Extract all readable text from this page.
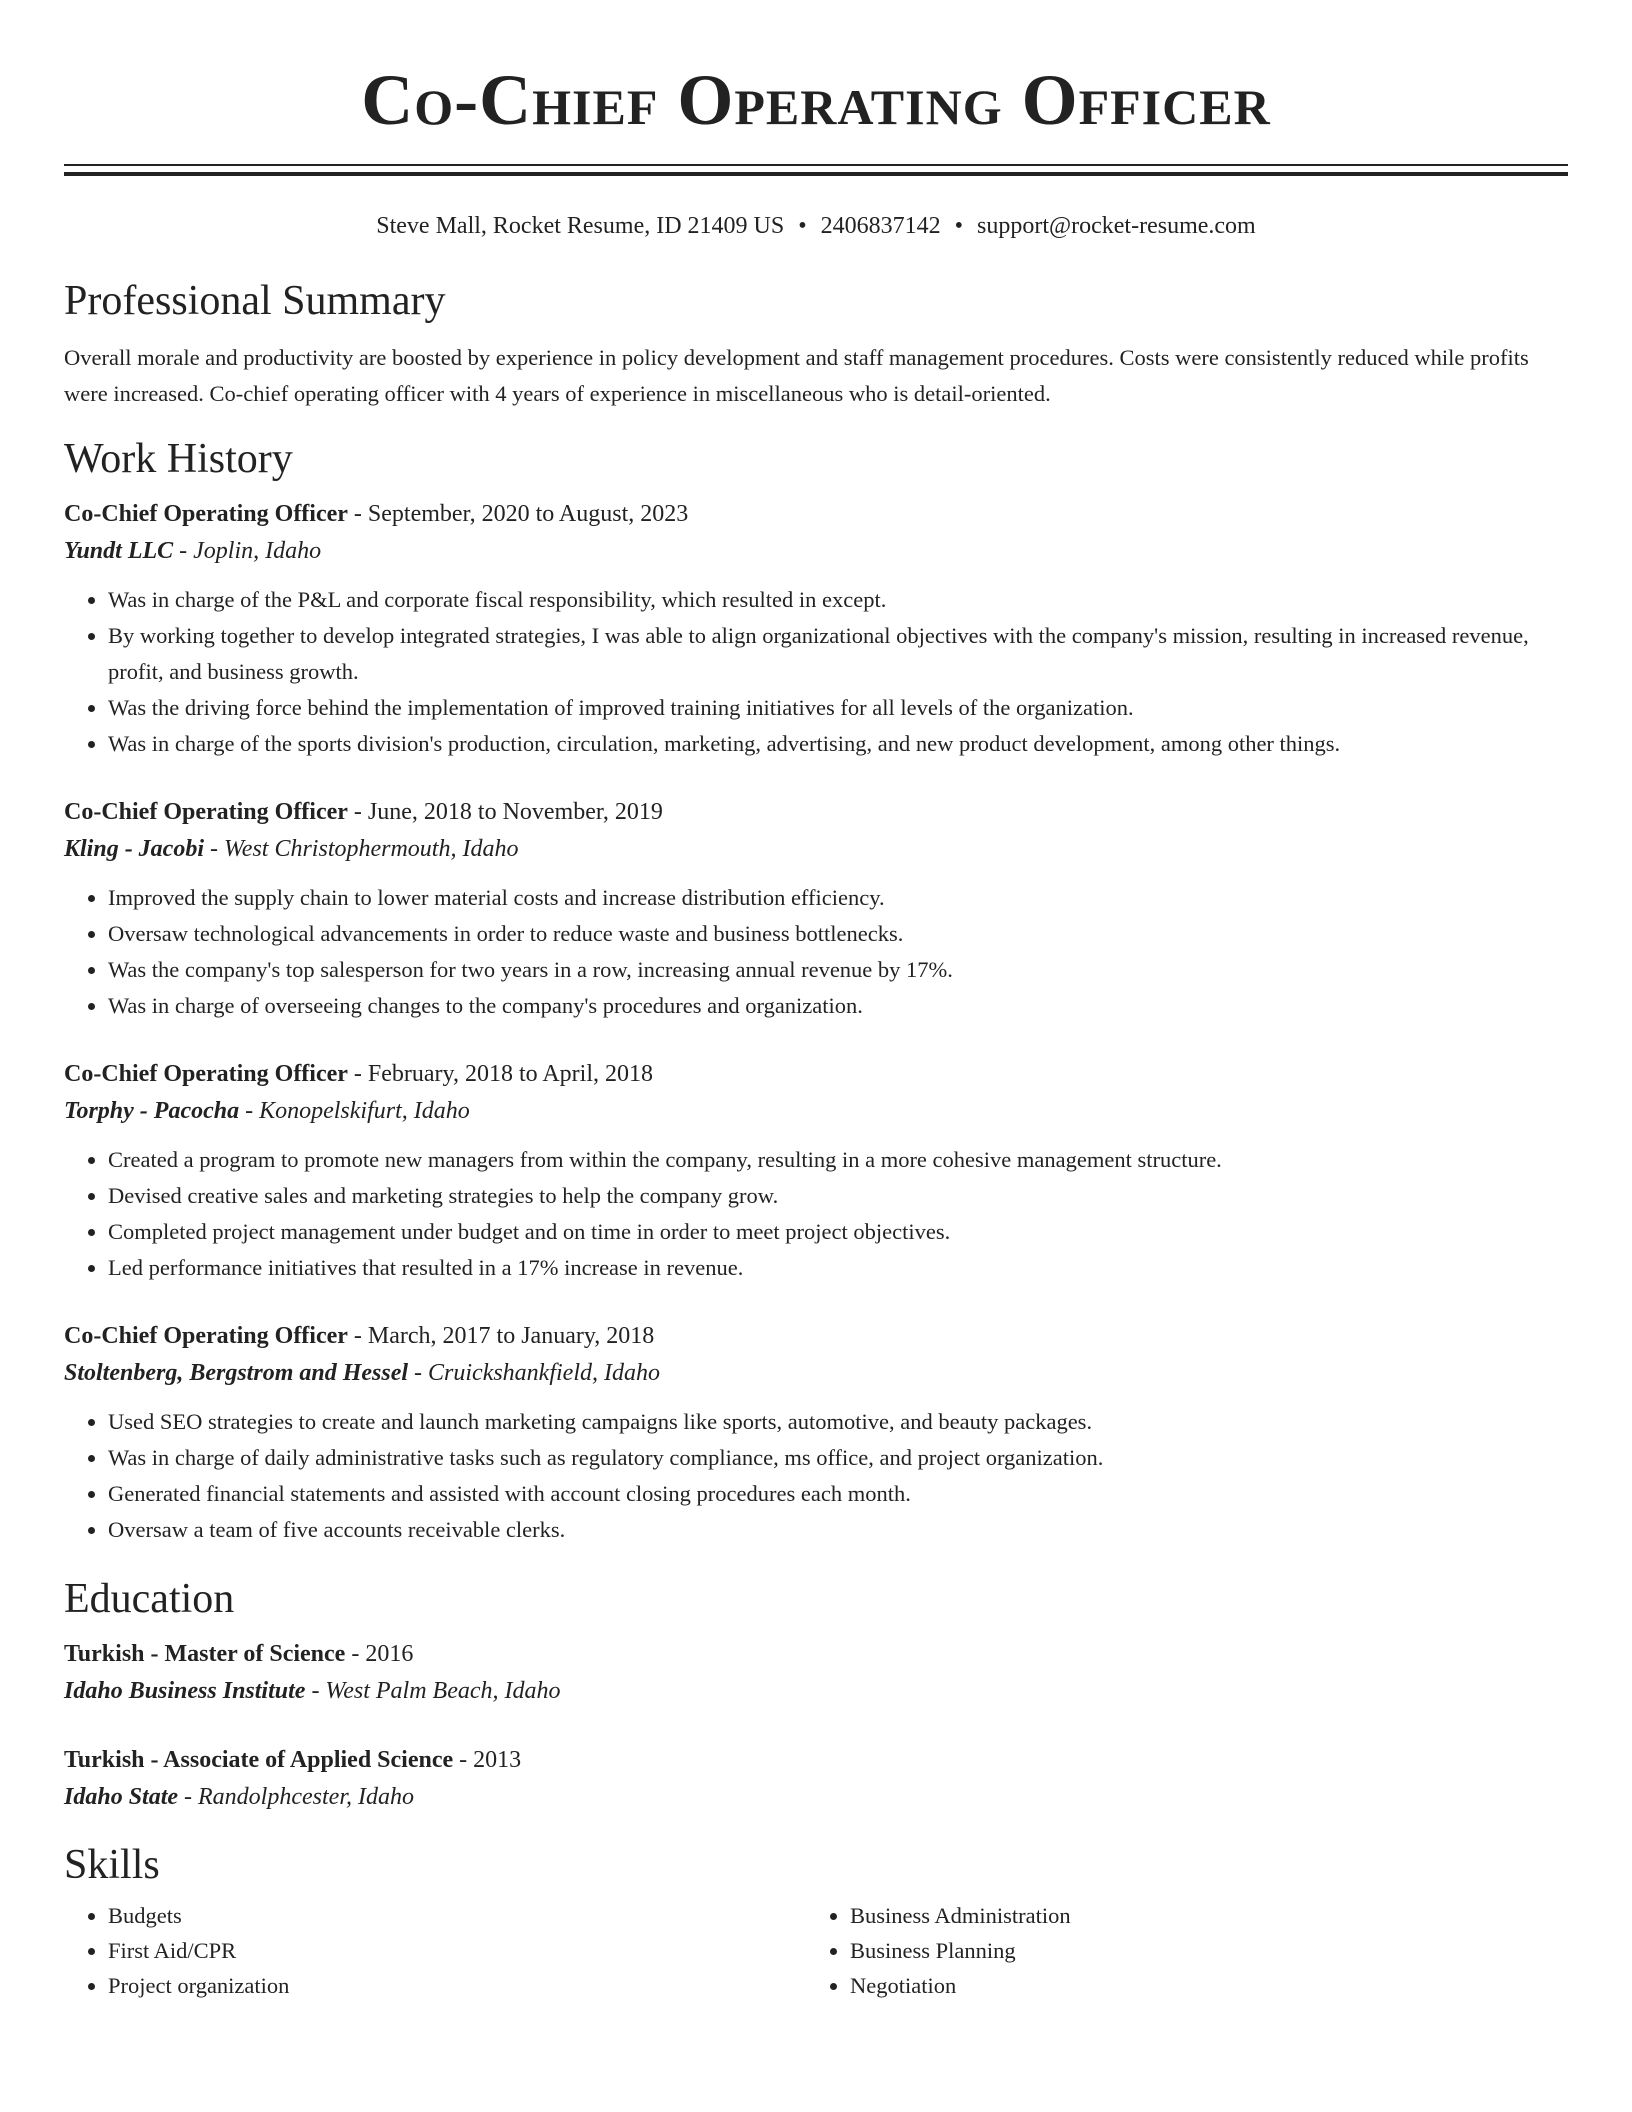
Co-Chief Operating Officer
Steve Mall, Rocket Resume, ID 21409 US • 2406837142 • support@rocket-resume.com
Professional Summary
Overall morale and productivity are boosted by experience in policy development and staff management procedures. Costs were consistently reduced while profits were increased. Co-chief operating officer with 4 years of experience in miscellaneous who is detail-oriented.
Work History
Co-Chief Operating Officer - September, 2020 to August, 2023
Yundt LLC - Joplin, Idaho
• Was in charge of the P&L and corporate fiscal responsibility, which resulted in except.
• By working together to develop integrated strategies, I was able to align organizational objectives with the company's mission, resulting in increased revenue, profit, and business growth.
• Was the driving force behind the implementation of improved training initiatives for all levels of the organization.
• Was in charge of the sports division's production, circulation, marketing, advertising, and new product development, among other things.
Co-Chief Operating Officer - June, 2018 to November, 2019
Kling - Jacobi - West Christophermouth, Idaho
• Improved the supply chain to lower material costs and increase distribution efficiency.
• Oversaw technological advancements in order to reduce waste and business bottlenecks.
• Was the company's top salesperson for two years in a row, increasing annual revenue by 17%.
• Was in charge of overseeing changes to the company's procedures and organization.
Co-Chief Operating Officer - February, 2018 to April, 2018
Torphy - Pacocha - Konopelskifurt, Idaho
• Created a program to promote new managers from within the company, resulting in a more cohesive management structure.
• Devised creative sales and marketing strategies to help the company grow.
• Completed project management under budget and on time in order to meet project objectives.
• Led performance initiatives that resulted in a 17% increase in revenue.
Co-Chief Operating Officer - March, 2017 to January, 2018
Stoltenberg, Bergstrom and Hessel - Cruickshankfield, Idaho
• Used SEO strategies to create and launch marketing campaigns like sports, automotive, and beauty packages.
• Was in charge of daily administrative tasks such as regulatory compliance, ms office, and project organization.
• Generated financial statements and assisted with account closing procedures each month.
• Oversaw a team of five accounts receivable clerks.
Education
Turkish - Master of Science - 2016
Idaho Business Institute - West Palm Beach, Idaho
Turkish - Associate of Applied Science - 2013
Idaho State - Randolphcester, Idaho
Skills
• Budgets
• First Aid/CPR
• Project organization
• Business Administration
• Business Planning
• Negotiation
